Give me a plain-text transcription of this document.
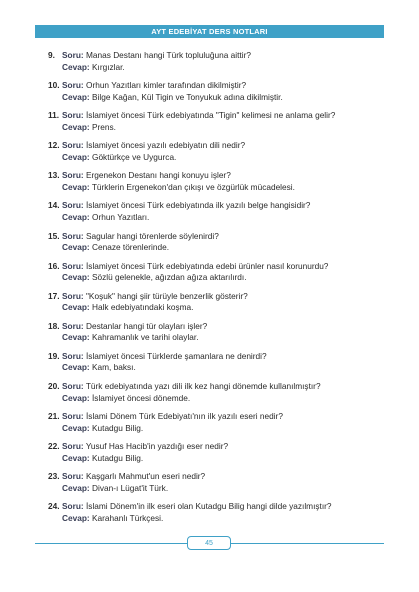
AYT EDEBİYAT DERS NOTLARI
9. Soru: Manas Destanı hangi Türk topluluğuna aittir?
Cevap: Kırgızlar.
10. Soru: Orhun Yazıtları kimler tarafından dikilmiştir?
Cevap: Bilge Kağan, Kül Tigin ve Tonyukuk adına dikilmiştir.
11. Soru: İslamiyet öncesi Türk edebiyatında "Tigin" kelimesi ne anlama gelir?
Cevap: Prens.
12. Soru: İslamiyet öncesi yazılı edebiyatın dili nedir?
Cevap: Göktürkçe ve Uygurca.
13. Soru: Ergenekon Destanı hangi konuyu işler?
Cevap: Türklerin Ergenekon'dan çıkışı ve özgürlük mücadelesi.
14. Soru: İslamiyet öncesi Türk edebiyatında ilk yazılı belge hangisidir?
Cevap: Orhun Yazıtları.
15. Soru: Sagular hangi törenlerde söylenirdi?
Cevap: Cenaze törenlerinde.
16. Soru: İslamiyet öncesi Türk edebiyatında edebi ürünler nasıl korunurdu?
Cevap: Sözlü gelenekle, ağızdan ağıza aktarılırdı.
17. Soru: "Koşuk" hangi şiir türüyle benzerlik gösterir?
Cevap: Halk edebiyatındaki koşma.
18. Soru: Destanlar hangi tür olayları işler?
Cevap: Kahramanlık ve tarihi olaylar.
19. Soru: İslamiyet öncesi Türklerde şamanlara ne denirdi?
Cevap: Kam, baksı.
20. Soru: Türk edebiyatında yazı dili ilk kez hangi dönemde kullanılmıştır?
Cevap: İslamiyet öncesi dönemde.
21. Soru: İslami Dönem Türk Edebiyatı'nın ilk yazılı eseri nedir?
Cevap: Kutadgu Bilig.
22. Soru: Yusuf Has Hacib'in yazdığı eser nedir?
Cevap: Kutadgu Bilig.
23. Soru: Kaşgarlı Mahmut'un eseri nedir?
Cevap: Divan-ı Lügat'it Türk.
24. Soru: İslami Dönem'in ilk eseri olan Kutadgu Bilig hangi dilde yazılmıştır?
Cevap: Karahanlı Türkçesi.
45
